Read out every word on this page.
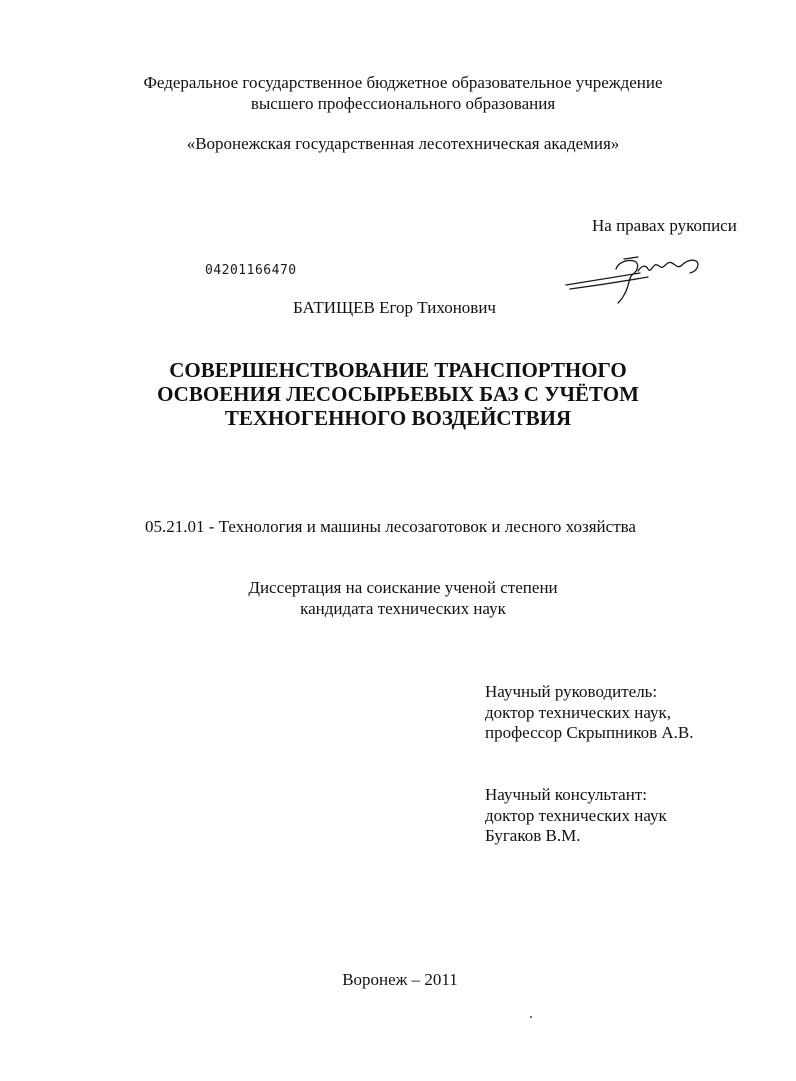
Федеральное государственное бюджетное образовательное учреждение
высшего профессионального образования
«Воронежская государственная лесотехническая академия»
На правах рукописи
04201166470
БАТИЩЕВ Егор Тихонович
СОВЕРШЕНСТВОВАНИЕ ТРАНСПОРТНОГО
ОСВОЕНИЯ ЛЕСОСЫРЬЕВЫХ БАЗ С УЧЁТОМ
ТЕХНОГЕННОГО ВОЗДЕЙСТВИЯ
05.21.01 - Технология и машины лесозаготовок и лесного хозяйства
Диссертация на соискание ученой степени
кандидата технических наук
Научный руководитель:
доктор технических наук,
профессор Скрыпников А.В.
Научный консультант:
доктор технических наук
Бугаков В.М.
Воронеж – 2011
